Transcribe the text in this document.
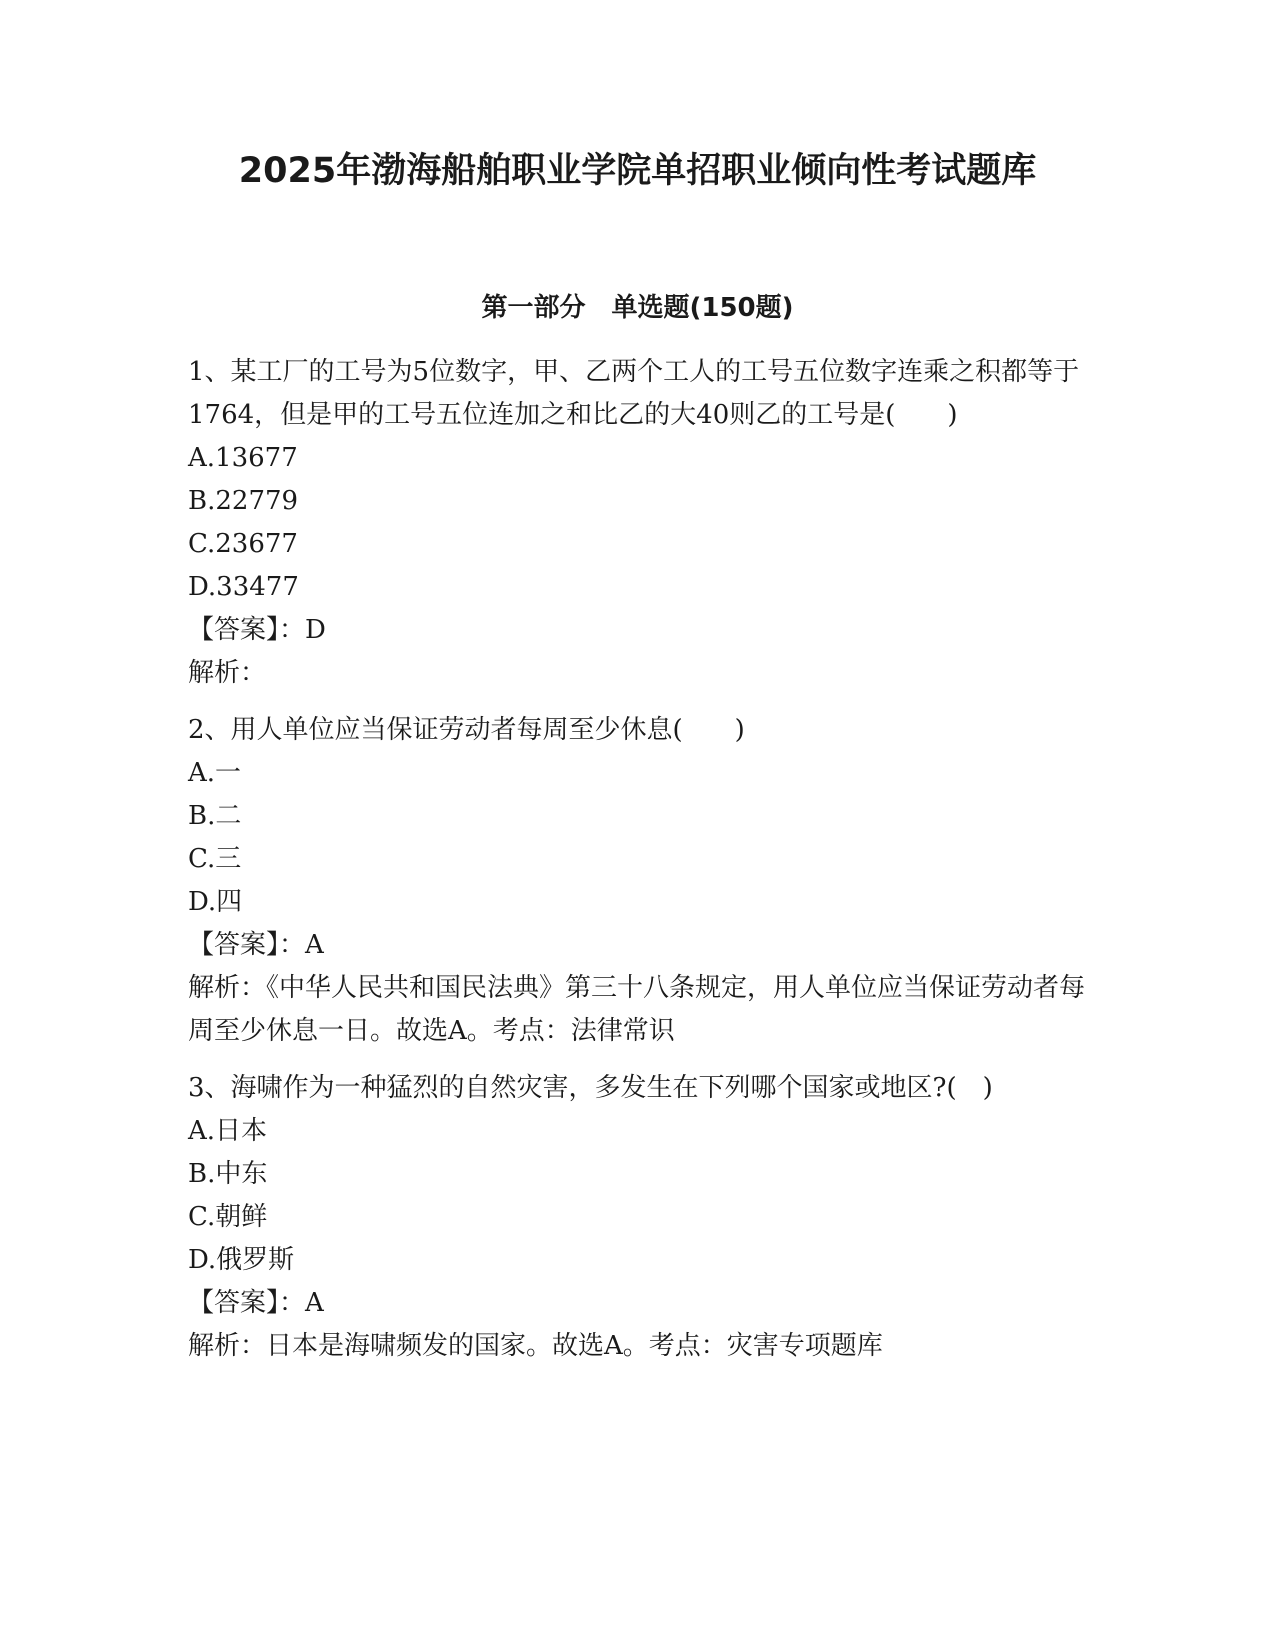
2025年渤海船舶职业学院单招职业倾向性考试题库
第一部分　单选题(150题)

1、某工厂的工号为5位数字，甲、乙两个工人的工号五位数字连乘之积都等于1764，但是甲的工号五位连加之和比乙的大40则乙的工号是(　　)

A.13677

B.22779

C.23677

D.33477

【答案】：D

解析：

2、用人单位应当保证劳动者每周至少休息(　　)

A.一

B.二

C.三

D.四

【答案】：A

解析：《中华人民共和国民法典》第三十八条规定，用人单位应当保证劳动者每周至少休息一日。故选A。考点：法律常识

3、海啸作为一种猛烈的自然灾害，多发生在下列哪个国家或地区?(　)

A.日本

B.中东

C.朝鲜

D.俄罗斯

【答案】：A

解析：日本是海啸频发的国家。故选A。考点：灾害专项题库
